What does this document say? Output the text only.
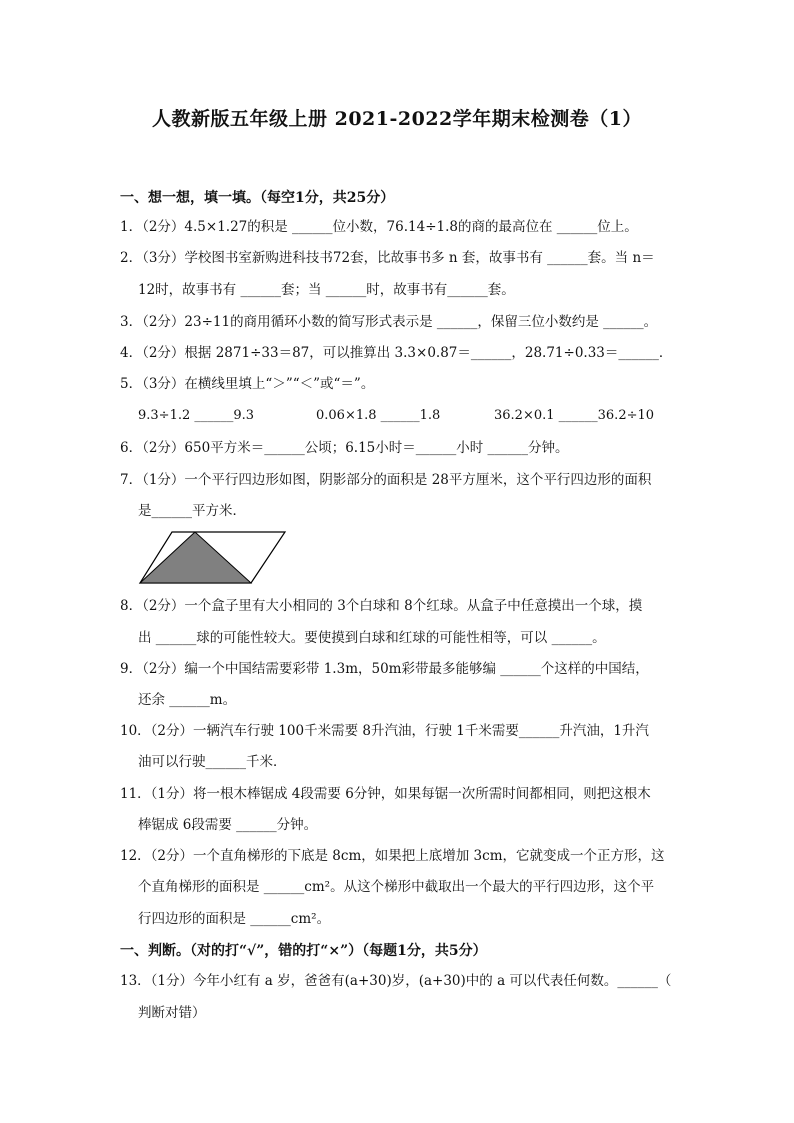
人教新版五年级上册 2021-2022学年期末检测卷（1）
一、想一想，填一填。（每空1分，共25分）
1．（2分）4.5×1.27的积是 ______位小数，76.14÷1.8的商的最高位在 ______位上。
2．（3分）学校图书室新购进科技书72套，比故事书多 n 套，故事书有 ______套。当 n＝
12时，故事书有 ______套；当 ______时，故事书有______套。
3．（2分）23÷11的商用循环小数的简写形式表示是 ______，保留三位小数约是 ______。
4．（2分）根据 2871÷33＝87，可以推算出 3.3×0.87＝______，28.71÷0.33＝______．
5．（3分）在横线里填上“＞”“＜”或“＝”。
9.3÷1.2 ______9.3	0.06×1.8 ______1.8	36.2×0.1 ______36.2÷10
6．（2分）650平方米＝______公顷；6.15小时＝______小时 ______分钟。
7．（1分）一个平行四边形如图，阴影部分的面积是 28平方厘米，这个平行四边形的面积
是______平方米．
8．（2分）一个盒子里有大小相同的 3个白球和 8个红球。从盒子中任意摸出一个球，摸
出 ______球的可能性较大。要使摸到白球和红球的可能性相等，可以 ______。
9．（2分）编一个中国结需要彩带 1.3m，50m彩带最多能够编 ______个这样的中国结，
还余 ______m。
10．（2分）一辆汽车行驶 100千米需要 8升汽油，行驶 1千米需要______升汽油，1升汽
油可以行驶______千米．
11．（1分）将一根木棒锯成 4段需要 6分钟，如果每锯一次所需时间都相同，则把这根木
棒锯成 6段需要 ______分钟。
12．（2分）一个直角梯形的下底是 8cm，如果把上底增加 3cm，它就变成一个正方形，这
个直角梯形的面积是 ______cm²。从这个梯形中截取出一个最大的平行四边形，这个平
行四边形的面积是 ______cm²。
一、判断。（对的打“√”，错的打“×”）（每题1分，共5分）
13．（1分）今年小红有 a 岁，爸爸有(a+30)岁，(a+30)中的 a 可以代表任何数。______（
判断对错）
